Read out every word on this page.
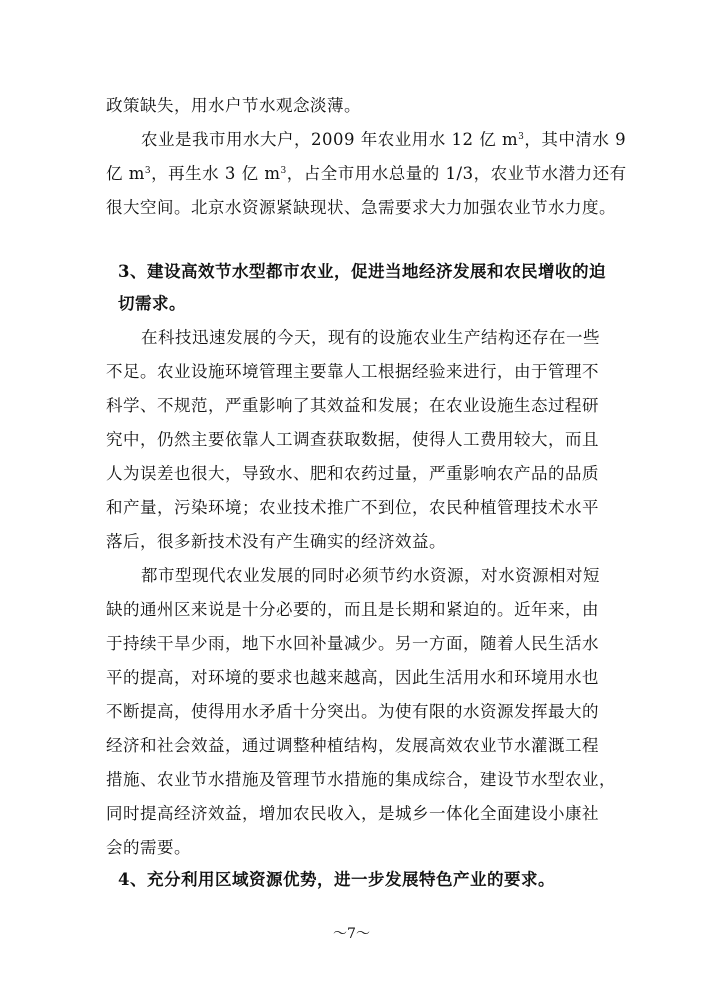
政策缺失，用水户节水观念淡薄。
农业是我市用水大户，2009 年农业用水 12 亿 $m^3$，其中清水 9
亿 $m^3$，再生水 3 亿 $m^3$，占全市用水总量的 1/3，农业节水潜力还有
很大空间。北京水资源紧缺现状、急需要求大力加强农业节水力度。
3、建设高效节水型都市农业，促进当地经济发展和农民增收的迫
切需求。
在科技迅速发展的今天，现有的设施农业生产结构还存在一些
不足。农业设施环境管理主要靠人工根据经验来进行，由于管理不
科学、不规范，严重影响了其效益和发展；在农业设施生态过程研
究中，仍然主要依靠人工调查获取数据，使得人工费用较大，而且
人为误差也很大，导致水、肥和农药过量，严重影响农产品的品质
和产量，污染环境；农业技术推广不到位，农民种植管理技术水平
落后，很多新技术没有产生确实的经济效益。
都市型现代农业发展的同时必须节约水资源，对水资源相对短
缺的通州区来说是十分必要的，而且是长期和紧迫的。近年来，由
于持续干旱少雨，地下水回补量减少。另一方面，随着人民生活水
平的提高，对环境的要求也越来越高，因此生活用水和环境用水也
不断提高，使得用水矛盾十分突出。为使有限的水资源发挥最大的
经济和社会效益，通过调整种植结构，发展高效农业节水灌溉工程
措施、农业节水措施及管理节水措施的集成综合，建设节水型农业，
同时提高经济效益，增加农民收入，是城乡一体化全面建设小康社
会的需要。
4、充分利用区域资源优势，进一步发展特色产业的要求。
～7～
